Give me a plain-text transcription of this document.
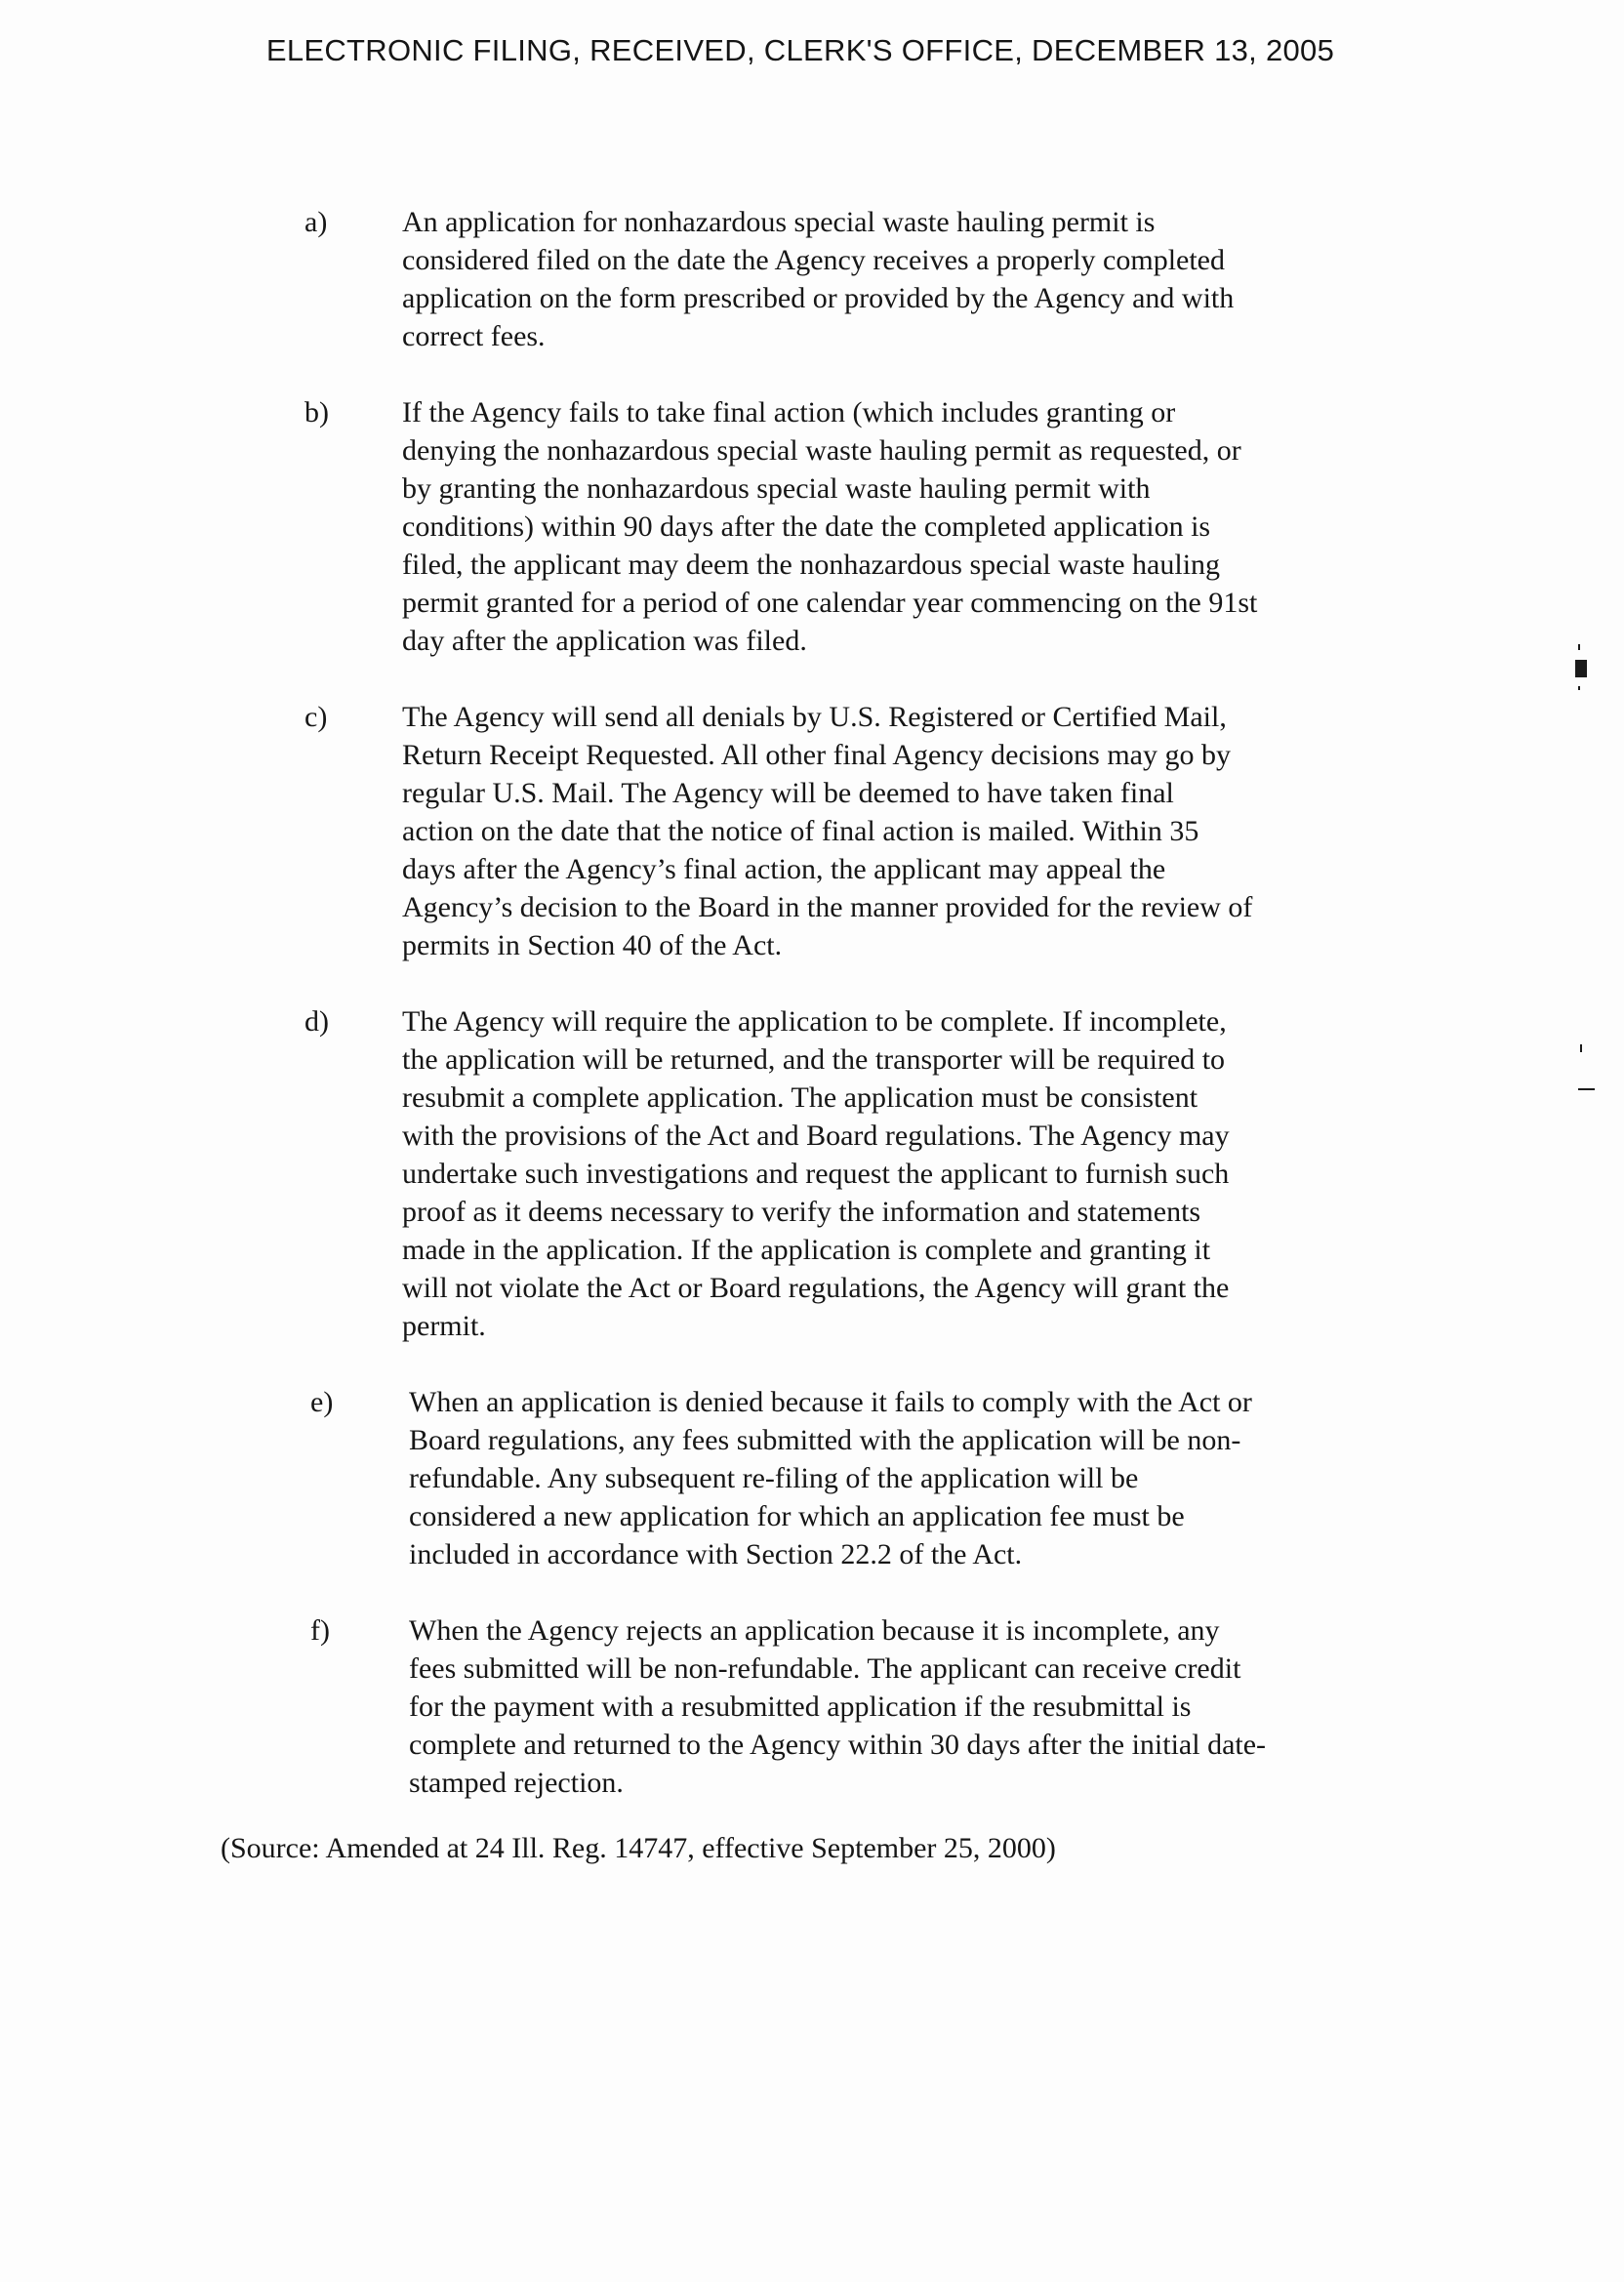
ELECTRONIC FILING, RECEIVED, CLERK'S OFFICE, DECEMBER 13, 2005
a)	An application for nonhazardous special waste hauling permit is
considered filed on the date the Agency receives a properly completed
application on the form prescribed or provided by the Agency and with
correct fees.
b)	If the Agency fails to take final action (which includes granting or
denying the nonhazardous special waste hauling permit as requested, or
by granting the nonhazardous special waste hauling permit with
conditions) within 90 days after the date the completed application is
filed, the applicant may deem the nonhazardous special waste hauling
permit granted for a period of one calendar year commencing on the 91st
day after the application was filed.
c)	The Agency will send all denials by U.S. Registered or Certified Mail,
Return Receipt Requested. All other final Agency decisions may go by
regular U.S. Mail. The Agency will be deemed to have taken final
action on the date that the notice of final action is mailed. Within 35
days after the Agency’s final action, the applicant may appeal the
Agency’s decision to the Board in the manner provided for the review of
permits in Section 40 of the Act.
d)	The Agency will require the application to be complete. If incomplete,
the application will be returned, and the transporter will be required to
resubmit a complete application. The application must be consistent
with the provisions of the Act and Board regulations. The Agency may
undertake such investigations and request the applicant to furnish such
proof as it deems necessary to verify the information and statements
made in the application. If the application is complete and granting it
will not violate the Act or Board regulations, the Agency will grant the
permit.
e)	When an application is denied because it fails to comply with the Act or
Board regulations, any fees submitted with the application will be non-
refundable. Any subsequent re-filing of the application will be
considered a new application for which an application fee must be
included in accordance with Section 22.2 of the Act.
f)	When the Agency rejects an application because it is incomplete, any
fees submitted will be non-refundable. The applicant can receive credit
for the payment with a resubmitted application if the resubmittal is
complete and returned to the Agency within 30 days after the initial date-
stamped rejection.
(Source: Amended at 24 Ill. Reg. 14747, effective September 25, 2000)
